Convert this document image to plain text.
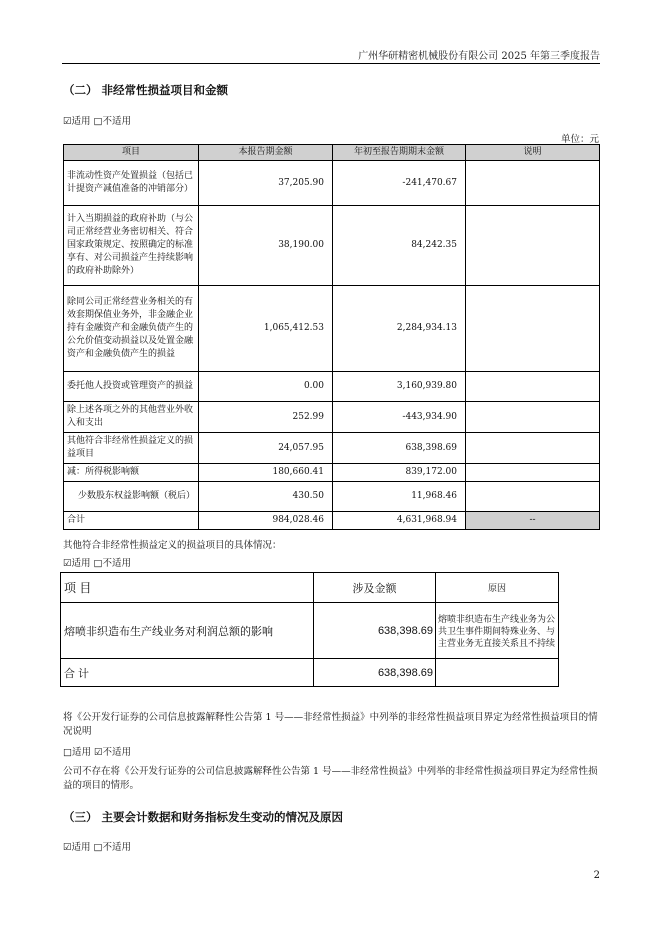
广州华研精密机械股份有限公司 2025 年第三季度报告
（二） 非经常性损益项目和金额
☑适用 □不适用
单位：元
项目	本报告期金额	年初至报告期期末金额	说明
非流动性资产处置损益（包括已计提资产减值准备的冲销部分）	37,205.90	-241,470.67	
计入当期损益的政府补助（与公司正常经营业务密切相关、符合国家政策规定、按照确定的标准享有、对公司损益产生持续影响的政府补助除外）	38,190.00	84,242.35	
除同公司正常经营业务相关的有效套期保值业务外，非金融企业持有金融资产和金融负债产生的公允价值变动损益以及处置金融资产和金融负债产生的损益	1,065,412.53	2,284,934.13	
委托他人投资或管理资产的损益	0.00	3,160,939.80	
除上述各项之外的其他营业外收入和支出	252.99	-443,934.90	
其他符合非经常性损益定义的损益项目	24,057.95	638,398.69	
减：所得税影响额	180,660.41	839,172.00	
少数股东权益影响额（税后）	430.50	11,968.46	
合计	984,028.46	4,631,968.94	--
其他符合非经常性损益定义的损益项目的具体情况：
☑适用 □不适用
项 目	涉及金额	原因
熔喷非织造布生产线业务对利润总额的影响	638,398.69	熔喷非织造布生产线业务为公共卫生事件期间特殊业务、与主营业务无直接关系且不持续
合 计	638,398.69	
将《公开发行证券的公司信息披露解释性公告第 1 号——非经常性损益》中列举的非经常性损益项目界定为经常性损益项目的情况说明
□适用 ☑不适用
公司不存在将《公开发行证券的公司信息披露解释性公告第 1 号——非经常性损益》中列举的非经常性损益项目界定为经常性损益的项目的情形。
（三） 主要会计数据和财务指标发生变动的情况及原因
☑适用 □不适用
2
